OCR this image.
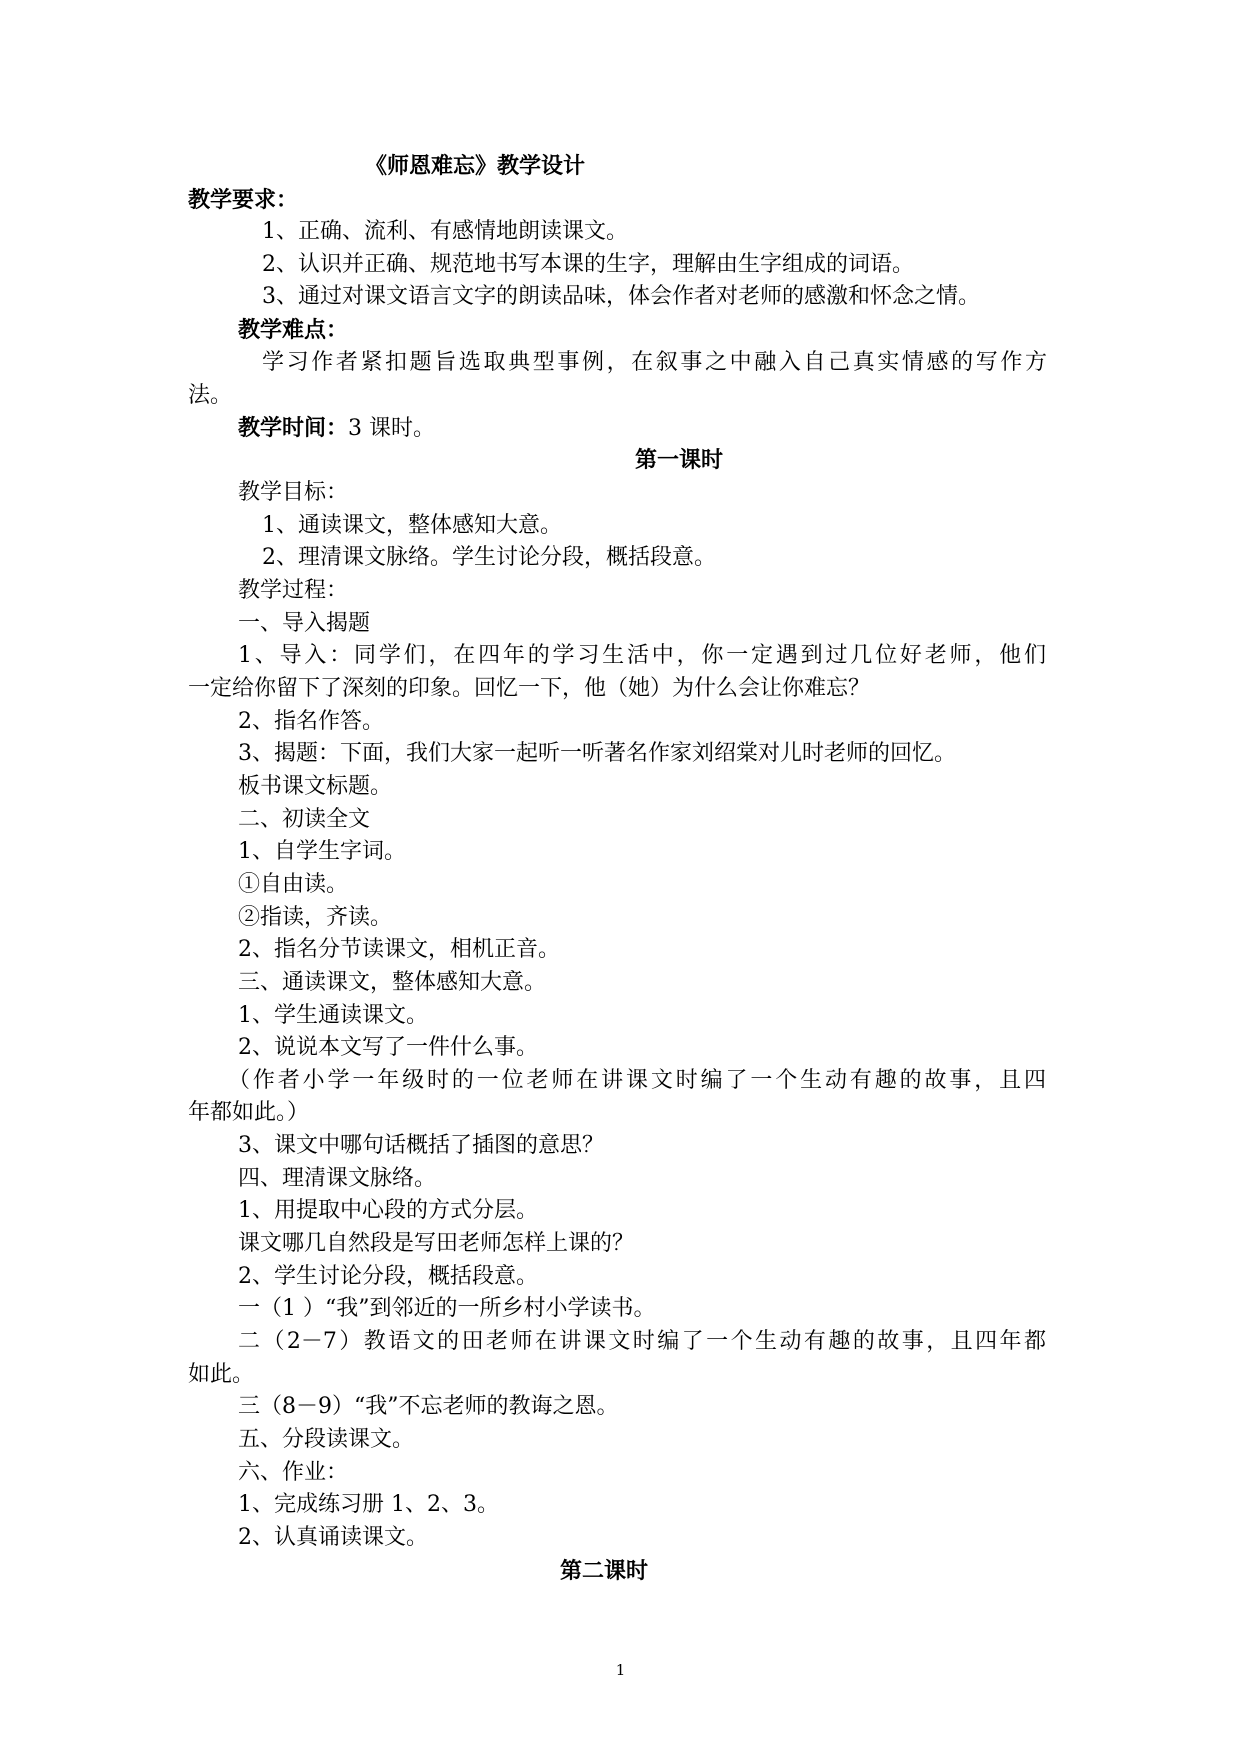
《师恩难忘》教学设计
教学要求：
1、正确、流利、有感情地朗读课文。
2、认识并正确、规范地书写本课的生字，理解由生字组成的词语。
3、通过对课文语言文字的朗读品味，体会作者对老师的感激和怀念之情。
教学难点：
学习作者紧扣题旨选取典型事例，在叙事之中融入自己真实情感的写作方
法。
教学时间：3 课时。
第一课时
教学目标：
1、通读课文，整体感知大意。
2、理清课文脉络。学生讨论分段，概括段意。
教学过程：
一、导入揭题
1、导入：同学们，在四年的学习生活中，你一定遇到过几位好老师，他们
一定给你留下了深刻的印象。回忆一下，他（她）为什么会让你难忘？
2、指名作答。
3、揭题：下面，我们大家一起听一听著名作家刘绍棠对儿时老师的回忆。
板书课文标题。
二、初读全文
1、自学生字词。
①自由读。
②指读，齐读。
2、指名分节读课文，相机正音。
三、通读课文，整体感知大意。
1、学生通读课文。
2、说说本文写了一件什么事。
（作者小学一年级时的一位老师在讲课文时编了一个生动有趣的故事，且四
年都如此。）
3、课文中哪句话概括了插图的意思？
四、理清课文脉络。
1、用提取中心段的方式分层。
课文哪几自然段是写田老师怎样上课的？
2、学生讨论分段，概括段意。
一（1 ）“我”到邻近的一所乡村小学读书。
二（2－7）教语文的田老师在讲课文时编了一个生动有趣的故事，且四年都
如此。
三（8－9）“我”不忘老师的教诲之恩。
五、分段读课文。
六、作业：
1、完成练习册 1、2、3。
2、认真诵读课文。
第二课时
1
